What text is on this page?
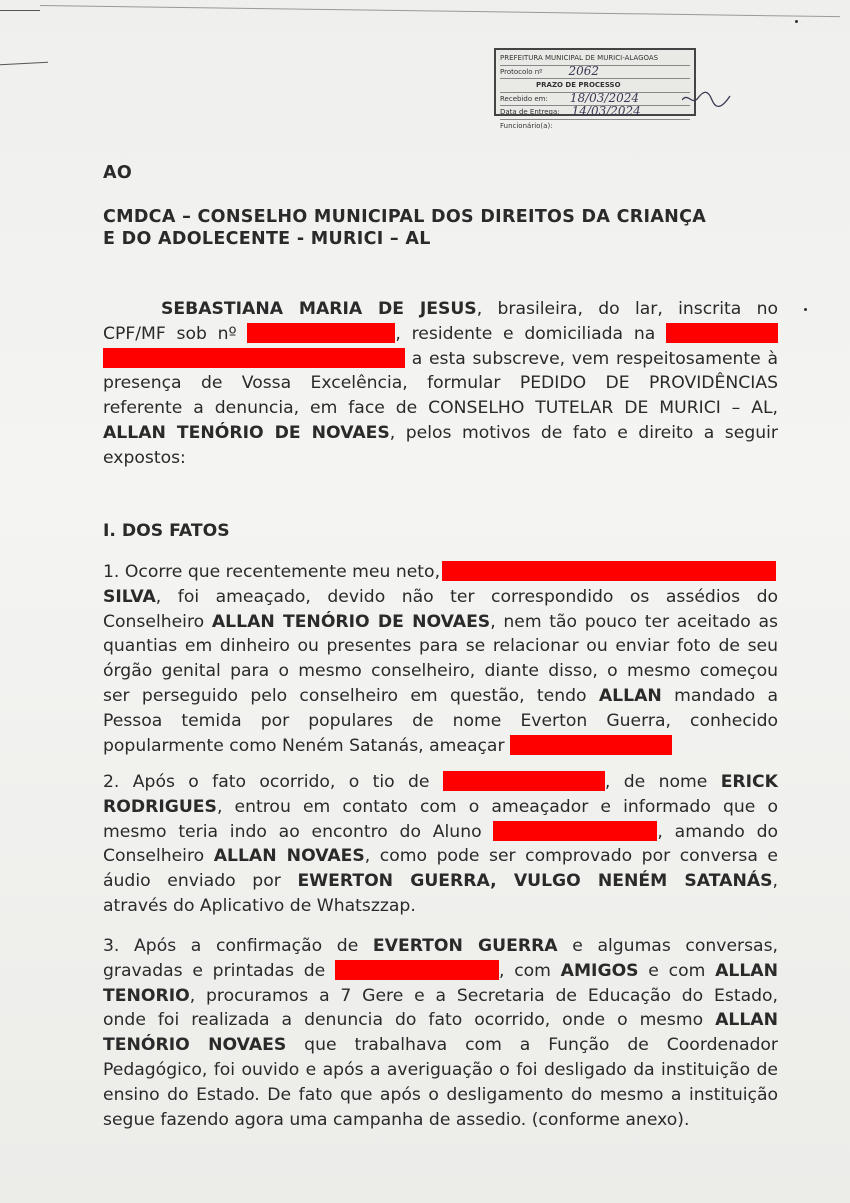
PREFEITURA MUNICIPAL DE MURICI-ALAGOAS
Protocolo nº 2062
PRAZO DE PROCESSO
Recebido em: 18/03/2024
Data de Entrega: 14/03/2024
Funcionário(a):
AO
CMDCA – CONSELHO MUNICIPAL DOS DIREITOS DA CRIANÇA
E DO ADOLECENTE - MURICI – AL
SEBASTIANA MARIA DE JESUS, brasileira, do lar, inscrita no
CPF/MF sob nº	, residente e domiciliada na
a esta subscreve, vem respeitosamente à
presença de Vossa Excelência, formular PEDIDO DE PROVIDÊNCIAS
referente a denuncia, em face de CONSELHO TUTELAR DE MURICI – AL,
ALLAN TENÓRIO DE NOVAES, pelos motivos de fato e direito a seguir
expostos:
I. DOS FATOS
1. Ocorre que recentemente meu neto,
SILVA, foi ameaçado, devido não ter correspondido os assédios do
Conselheiro ALLAN TENÓRIO DE NOVAES, nem tão pouco ter aceitado as
quantias em dinheiro ou presentes para se relacionar ou enviar foto de seu
órgão genital para o mesmo conselheiro, diante disso, o mesmo começou
ser perseguido pelo conselheiro em questão, tendo ALLAN mandado a
Pessoa temida por populares de nome Everton Guerra, conhecido
popularmente como Neném Satanás, ameaçar
2. Após o fato ocorrido, o tio de	, de nome ERICK
RODRIGUES, entrou em contato com o ameaçador e informado que o
mesmo teria indo ao encontro do Aluno	, amando do
Conselheiro ALLAN NOVAES, como pode ser comprovado por conversa e
áudio enviado por EWERTON GUERRA, VULGO NENÉM SATANÁS,
através do Aplicativo de Whatszzap.
3. Após a confirmação de EVERTON GUERRA e algumas conversas,
gravadas e printadas de	, com AMIGOS e com ALLAN
TENORIO, procuramos a 7 Gere e a Secretaria de Educação do Estado,
onde foi realizada a denuncia do fato ocorrido, onde o mesmo ALLAN
TENÓRIO NOVAES que trabalhava com a Função de Coordenador
Pedagógico, foi ouvido e após a averiguação o foi desligado da instituição de
ensino do Estado. De fato que após o desligamento do mesmo a instituição
segue fazendo agora uma campanha de assedio. (conforme anexo).
